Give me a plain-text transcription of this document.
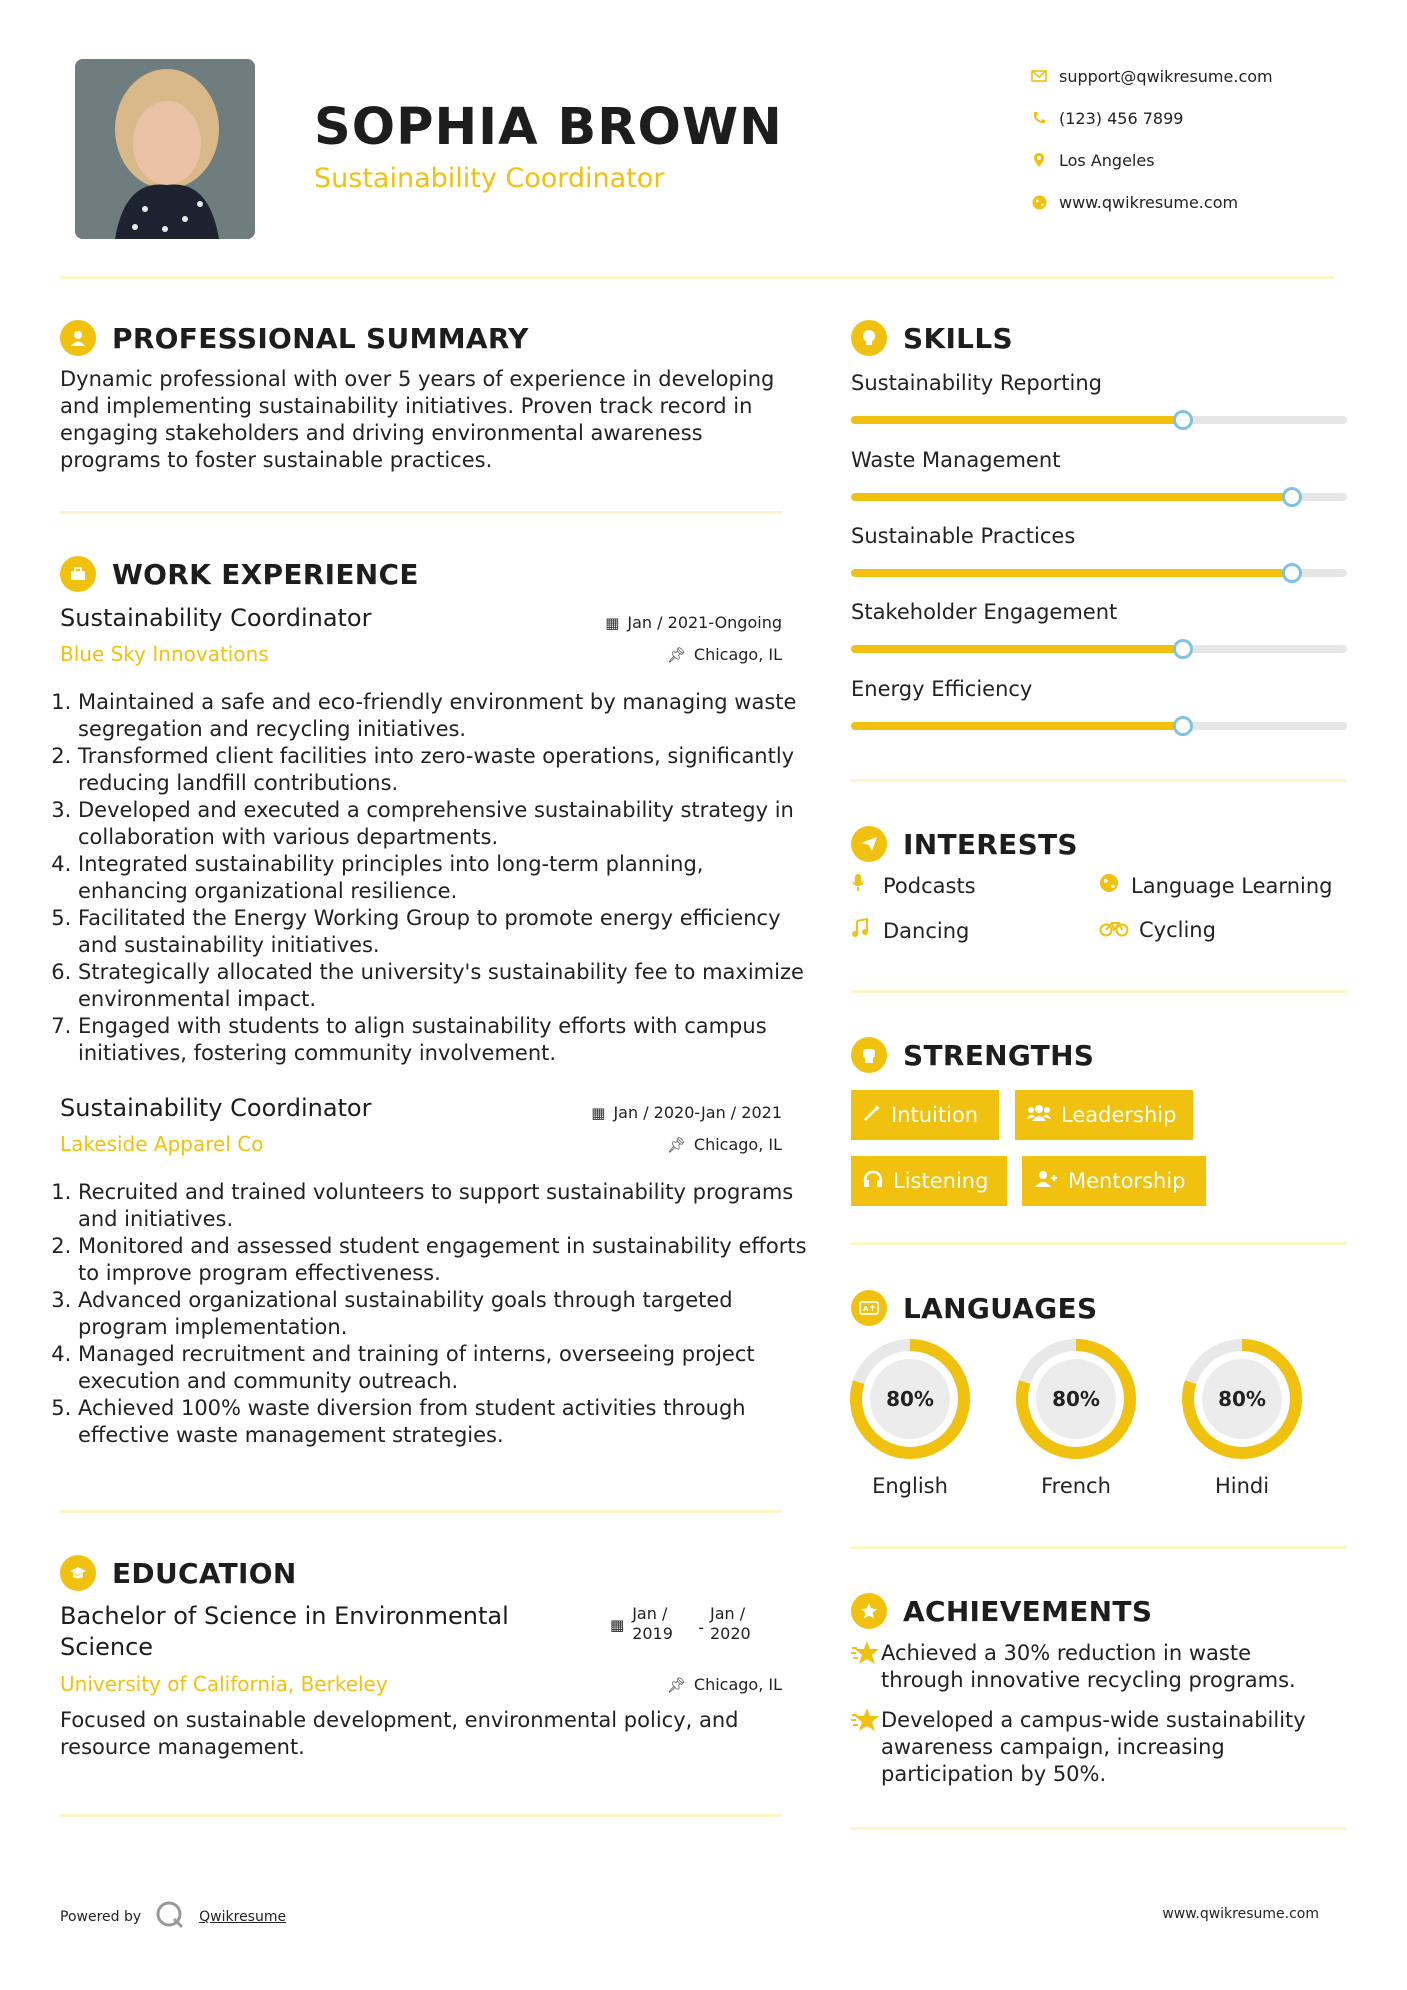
SOPHIA BROWN
Sustainability Coordinator
support@qwikresume.com
(123) 456 7899
Los Angeles
www.qwikresume.com
PROFESSIONAL SUMMARY
Dynamic professional with over 5 years of experience in developing and implementing sustainability initiatives. Proven track record in engaging stakeholders and driving environmental awareness programs to foster sustainable practices.
WORK EXPERIENCE
Sustainability Coordinator	▦ Jan / 2021-Ongoing
Blue Sky Innovations	📌︎ Chicago, IL
1. Maintained a safe and eco-friendly environment by managing waste segregation and recycling initiatives.
2. Transformed client facilities into zero-waste operations, significantly reducing landfill contributions.
3. Developed and executed a comprehensive sustainability strategy in collaboration with various departments.
4. Integrated sustainability principles into long-term planning, enhancing organizational resilience.
5. Facilitated the Energy Working Group to promote energy efficiency and sustainability initiatives.
6. Strategically allocated the university's sustainability fee to maximize environmental impact.
7. Engaged with students to align sustainability efforts with campus initiatives, fostering community involvement.
Sustainability Coordinator	▦ Jan / 2020-Jan / 2021
Lakeside Apparel Co	📌︎ Chicago, IL
1. Recruited and trained volunteers to support sustainability programs and initiatives.
2. Monitored and assessed student engagement in sustainability efforts to improve program effectiveness.
3. Advanced organizational sustainability goals through targeted program implementation.
4. Managed recruitment and training of interns, overseeing project execution and community outreach.
5. Achieved 100% waste diversion from student activities through effective waste management strategies.
EDUCATION
Bachelor of Science in Environmental Science
▦
Jan / 2019	-
Jan / 2020
University of California, Berkeley	📌︎ Chicago, IL
Focused on sustainable development, environmental policy, and resource management.
SKILLS
Sustainability Reporting
Waste Management
Sustainable Practices
Stakeholder Engagement
Energy Efficiency
INTERESTS
Podcasts	Language Learning
Dancing	Cycling
STRENGTHS
Intuition	Leadership
Listening	Mentorship
A LANGUAGES
80%
English
80%
French
80%
Hindi
ACHIEVEMENTS
Achieved a 30% reduction in waste through innovative recycling programs.
Developed a campus-wide sustainability awareness campaign, increasing participation by 50%.
Powered by	Qwikresume	www.qwikresume.com
